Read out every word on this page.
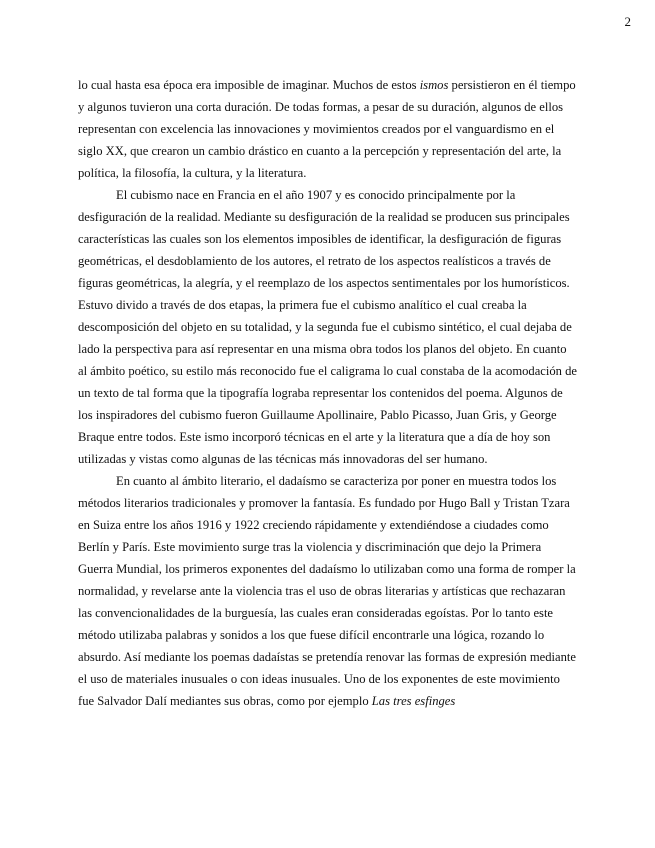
2

lo cual hasta esa época era imposible de imaginar. Muchos de estos ismos persistieron en él tiempo y algunos tuvieron una corta duración. De todas formas, a pesar de su duración, algunos de ellos representan con excelencia las innovaciones y movimientos creados por el vanguardismo en el siglo XX, que crearon un cambio drástico en cuanto a la percepción y representación del arte, la política, la filosofía, la cultura, y la literatura.

El cubismo nace en Francia en el año 1907 y es conocido principalmente por la desfiguración de la realidad. Mediante su desfiguración de la realidad se producen sus principales características las cuales son los elementos imposibles de identificar, la desfiguración de figuras geométricas, el desdoblamiento de los autores, el retrato de los aspectos realísticos a través de figuras geométricas, la alegría, y el reemplazo de los aspectos sentimentales por los humorísticos. Estuvo divido a través de dos etapas, la primera fue el cubismo analítico el cual creaba la descomposición del objeto en su totalidad, y la segunda fue el cubismo sintético, el cual dejaba de lado la perspectiva para así representar en una misma obra todos los planos del objeto. En cuanto al ámbito poético, su estilo más reconocido fue el caligrama lo cual constaba de la acomodación de un texto de tal forma que la tipografía lograba representar los contenidos del poema. Algunos de los inspiradores del cubismo fueron Guillaume Apollinaire, Pablo Picasso, Juan Gris, y George Braque entre todos. Este ismo incorporó técnicas en el arte y la literatura que a día de hoy son utilizadas y vistas como algunas de las técnicas más innovadoras del ser humano.

En cuanto al ámbito literario, el dadaísmo se caracteriza por poner en muestra todos los métodos literarios tradicionales y promover la fantasía. Es fundado por Hugo Ball y Tristan Tzara en Suiza entre los años 1916 y 1922 creciendo rápidamente y extendiéndose a ciudades como Berlín y París. Este movimiento surge tras la violencia y discriminación que dejo la Primera Guerra Mundial, los primeros exponentes del dadaísmo lo utilizaban como una forma de romper la normalidad, y revelarse ante la violencia tras el uso de obras literarias y artísticas que rechazaran las convencionalidades de la burguesía, las cuales eran consideradas egoístas. Por lo tanto este método utilizaba palabras y sonidos a los que fuese difícil encontrarle una lógica, rozando lo absurdo. Así mediante los poemas dadaístas se pretendía renovar las formas de expresión mediante el uso de materiales inusuales o con ideas inusuales. Uno de los exponentes de este movimiento fue Salvador Dalí mediantes sus obras, como por ejemplo Las tres esfinges
